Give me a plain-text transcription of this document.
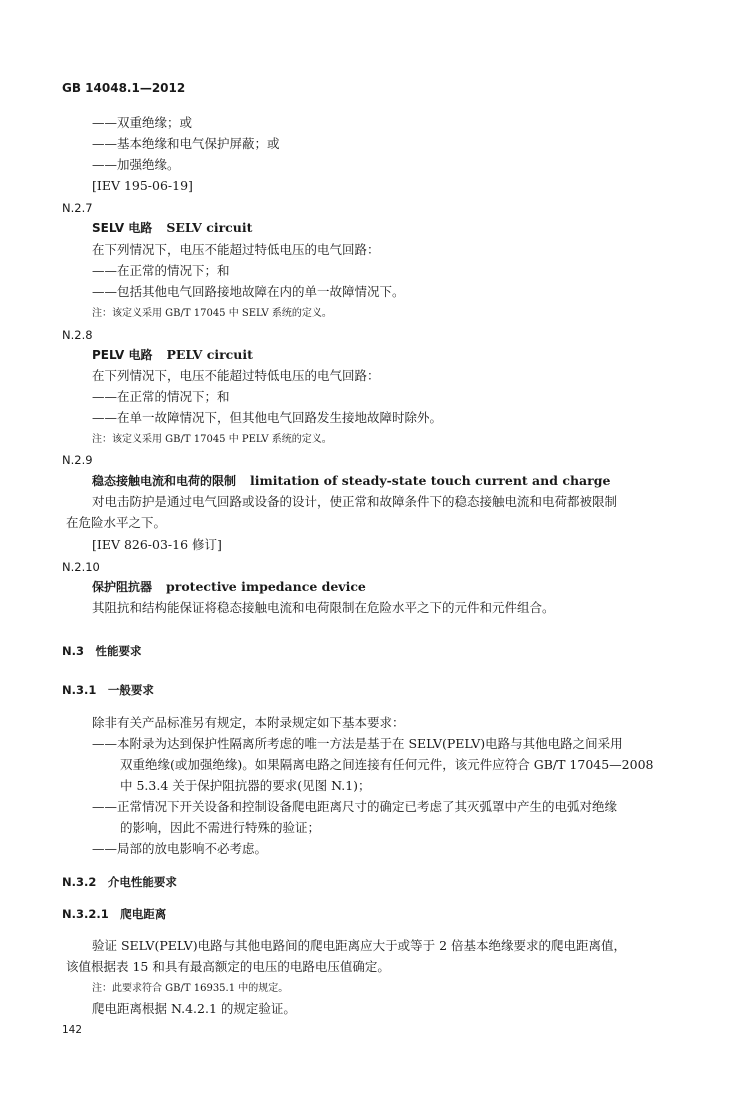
GB 14048.1—2012
——双重绝缘；或
——基本绝缘和电气保护屏蔽；或
——加强绝缘。
[IEV 195-06-19]
N.2.7
SELV 电路 SELV circuit
在下列情况下，电压不能超过特低电压的电气回路：
——在正常的情况下；和
——包括其他电气回路接地故障在内的单一故障情况下。
注：该定义采用 GB/T 17045 中 SELV 系统的定义。
N.2.8
PELV 电路 PELV circuit
在下列情况下，电压不能超过特低电压的电气回路：
——在正常的情况下；和
——在单一故障情况下，但其他电气回路发生接地故障时除外。
注：该定义采用 GB/T 17045 中 PELV 系统的定义。
N.2.9
稳态接触电流和电荷的限制 limitation of steady-state touch current and charge
对电击防护是通过电气回路或设备的设计，使正常和故障条件下的稳态接触电流和电荷都被限制
在危险水平之下。
[IEV 826-03-16 修订]
N.2.10
保护阻抗器 protective impedance device
其阻抗和结构能保证将稳态接触电流和电荷限制在危险水平之下的元件和元件组合。
N.3　性能要求
N.3.1　一般要求
除非有关产品标准另有规定，本附录规定如下基本要求：
——本附录为达到保护性隔离所考虑的唯一方法是基于在 SELV(PELV)电路与其他电路之间采用
双重绝缘(或加强绝缘)。如果隔离电路之间连接有任何元件，该元件应符合 GB/T 17045—2008
中 5.3.4 关于保护阻抗器的要求(见图 N.1)；
——正常情况下开关设备和控制设备爬电距离尺寸的确定已考虑了其灭弧罩中产生的电弧对绝缘
的影响，因此不需进行特殊的验证；
——局部的放电影响不必考虑。
N.3.2　介电性能要求
N.3.2.1　爬电距离
验证 SELV(PELV)电路与其他电路间的爬电距离应大于或等于 2 倍基本绝缘要求的爬电距离值，
该值根据表 15 和具有最高额定的电压的电路电压值确定。
注：此要求符合 GB/T 16935.1 中的规定。
爬电距离根据 N.4.2.1 的规定验证。
142
